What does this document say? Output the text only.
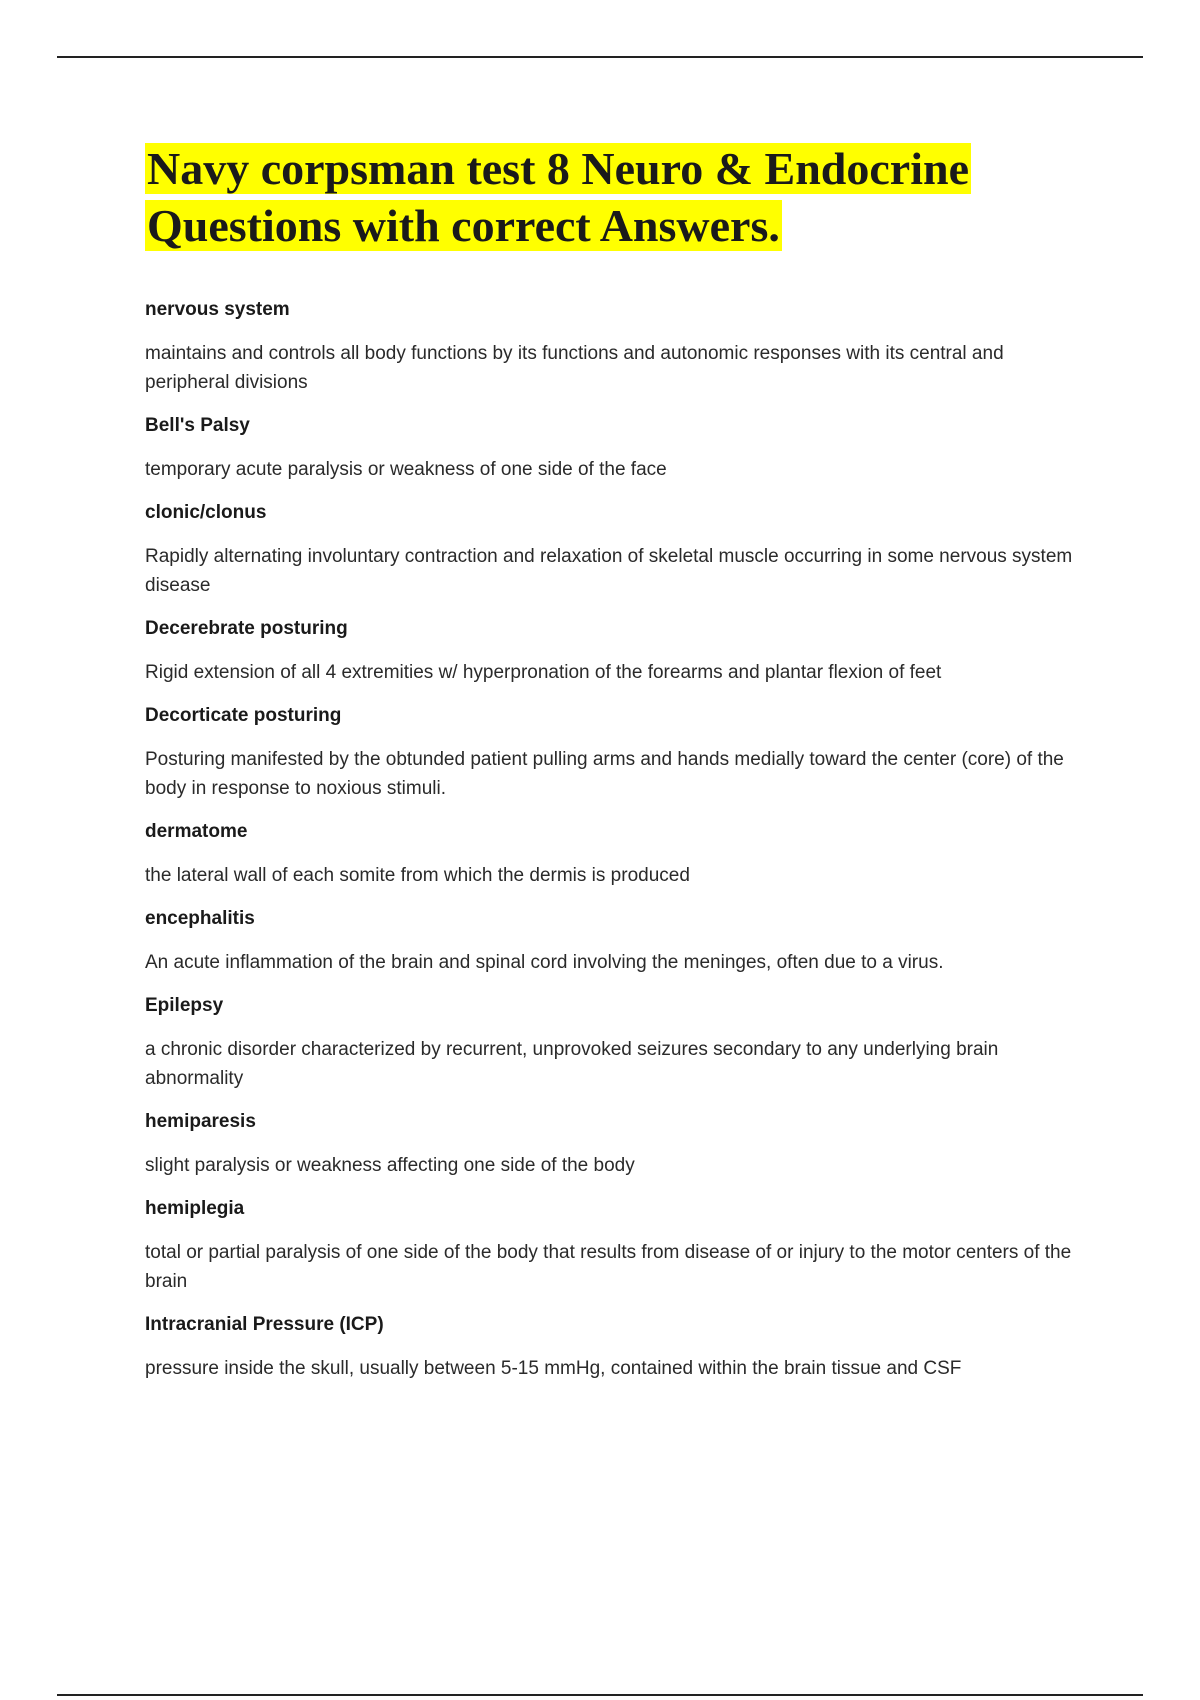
Navy corpsman test 8 Neuro & Endocrine Questions with correct Answers.

nervous system

maintains and controls all body functions by its functions and autonomic responses with its central and peripheral divisions

Bell's Palsy

temporary acute paralysis or weakness of one side of the face

clonic/clonus

Rapidly alternating involuntary contraction and relaxation of skeletal muscle occurring in some nervous system disease

Decerebrate posturing

Rigid extension of all 4 extremities w/ hyperpronation of the forearms and plantar flexion of feet

Decorticate posturing

Posturing manifested by the obtunded patient pulling arms and hands medially toward the center (core) of the body in response to noxious stimuli.

dermatome

the lateral wall of each somite from which the dermis is produced

encephalitis

An acute inflammation of the brain and spinal cord involving the meninges, often due to a virus.

Epilepsy

a chronic disorder characterized by recurrent, unprovoked seizures secondary to any underlying brain abnormality

hemiparesis

slight paralysis or weakness affecting one side of the body

hemiplegia

total or partial paralysis of one side of the body that results from disease of or injury to the motor centers of the brain

Intracranial Pressure (ICP)

pressure inside the skull, usually between 5-15 mmHg, contained within the brain tissue and CSF
